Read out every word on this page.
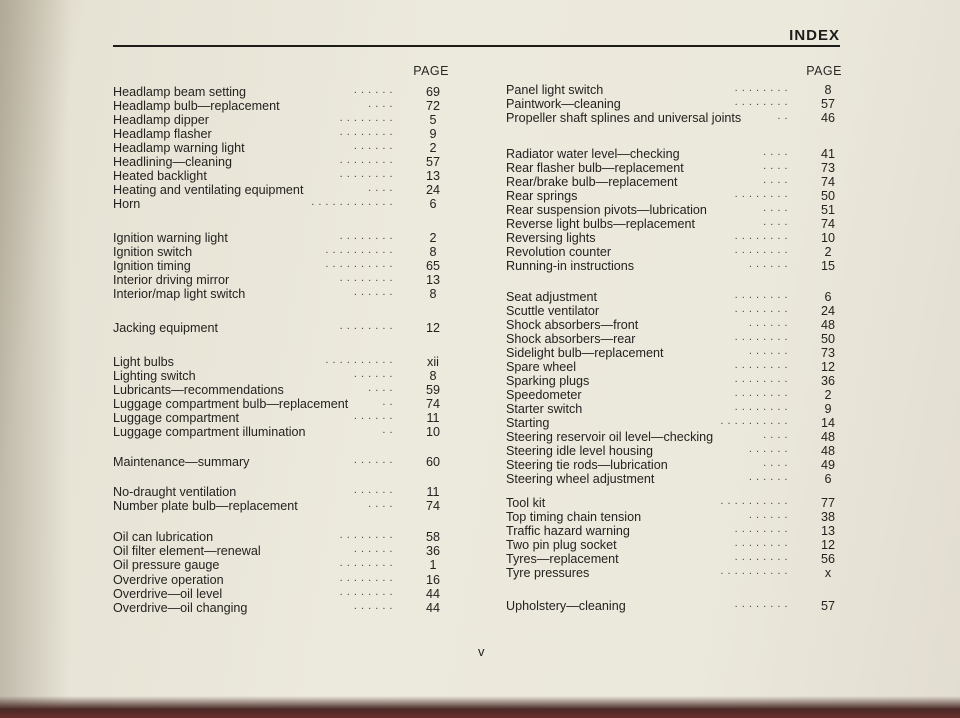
INDEX
PAGE
Headlamp beam setting	. . . . . .	69
Headlamp bulb—replacement	. . . .	72
Headlamp dipper	. . . . . . . .	5
Headlamp flasher	. . . . . . . .	9
Headlamp warning light	. . . . . .	2
Headlining—cleaning	. . . . . . . .	57
Heated backlight	. . . . . . . .	13
Heating and ventilating equipment	. . . .	24
Horn	. . . . . . . . . . . .	6
Ignition warning light	. . . . . . . .	2
Ignition switch	. . . . . . . . . .	8
Ignition timing	. . . . . . . . . .	65
Interior driving mirror	. . . . . . . .	13
Interior/map light switch	. . . . . .	8
Jacking equipment	. . . . . . . .	12
Light bulbs	. . . . . . . . . .	xii
Lighting switch	. . . . . .	8
Lubricants—recommendations	. . . .	59
Luggage compartment bulb—replacement	. .	74
Luggage compartment	. . . . . .	11
Luggage compartment illumination	. .	10
Maintenance—summary	. . . . . .	60
No-draught ventilation	. . . . . .	11
Number plate bulb—replacement	. . . .	74
Oil can lubrication	. . . . . . . .	58
Oil filter element—renewal	. . . . . .	36
Oil pressure gauge	. . . . . . . .	1
Overdrive operation	. . . . . . . .	16
Overdrive—oil level	. . . . . . . .	44
Overdrive—oil changing	. . . . . .	44
PAGE
Panel light switch	. . . . . . . .	8
Paintwork—cleaning	. . . . . . . .	57
Propeller shaft splines and universal joints	. .	46
Radiator water level—checking	. . . .	41
Rear flasher bulb—replacement	. . . .	73
Rear/brake bulb—replacement	. . . .	74
Rear springs	. . . . . . . .	50
Rear suspension pivots—lubrication	. . . .	51
Reverse light bulbs—replacement	. . . .	74
Reversing lights	. . . . . . . .	10
Revolution counter	. . . . . . . .	2
Running-in instructions	. . . . . .	15
Seat adjustment	. . . . . . . .	6
Scuttle ventilator	. . . . . . . .	24
Shock absorbers—front	. . . . . .	48
Shock absorbers—rear	. . . . . . . .	50
Sidelight bulb—replacement	. . . . . .	73
Spare wheel	. . . . . . . .	12
Sparking plugs	. . . . . . . .	36
Speedometer	. . . . . . . .	2
Starter switch	. . . . . . . .	9
Starting	. . . . . . . . . .	14
Steering reservoir oil level—checking	. . . .	48
Steering idle level housing	. . . . . .	48
Steering tie rods—lubrication	. . . .	49
Steering wheel adjustment	. . . . . .	6
Tool kit	. . . . . . . . . .	77
Top timing chain tension	. . . . . .	38
Traffic hazard warning	. . . . . . . .	13
Two pin plug socket	. . . . . . . .	12
Tyres—replacement	. . . . . . . .	56
Tyre pressures	. . . . . . . . . .	x
Upholstery—cleaning	. . . . . . . .	57
v
